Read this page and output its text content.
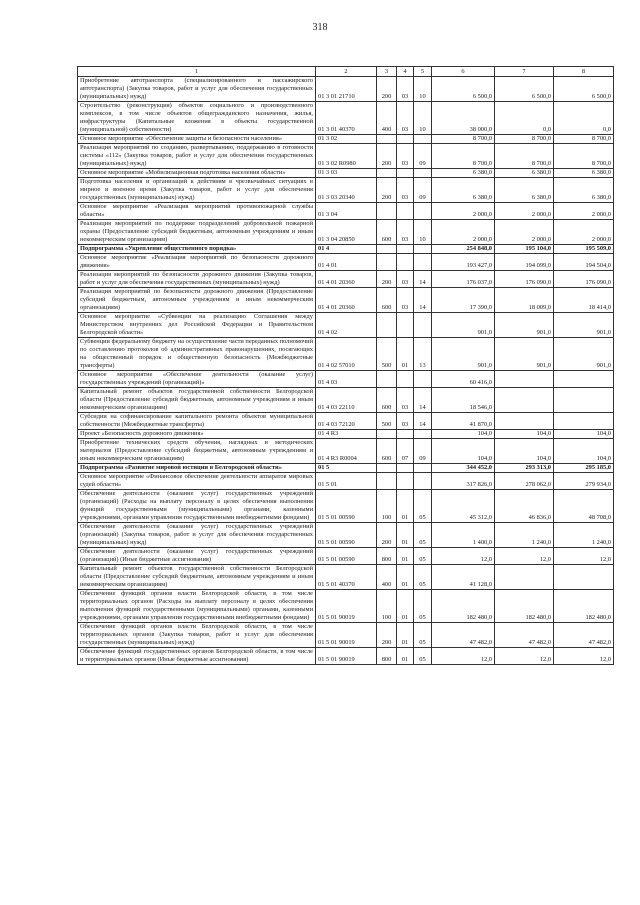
318
1	2	3	4	5	6	7	8
Приобретение автотранспорта (специализированного и пассажирского автотранспорта) (Закупка товаров, работ и услуг для обеспечения государственных (муниципальных) нужд)	01 3 01 21710	200	03	10	6 500,0	6 500,0	6 500,0
Строительство (реконструкция) объектов социального и производственного комплексов, в том числе объектов общегражданского назначения, жилья, инфраструктуры (Капитальные вложения в объекты государственной (муниципальной) собственности)	01 3 01 40370	400	03	10	38 000,0	0,0	0,0
Основное мероприятие «Обеспечение защиты и безопасности населения»	01 3 02				8 700,0	8 700,0	8 700,0
Реализация мероприятий по созданию, развертыванию, поддержанию в готовности системы «112» (Закупка товаров, работ и услуг для обеспечения государственных (муниципальных) нужд)	01 3 02 R0980	200	03	09	8 700,0	8 700,0	8 700,0
Основное мероприятие «Мобилизационная подготовка населения области»	01 3 03				6 380,0	6 380,0	6 380,0
Подготовка населения и организаций к действиям в чрезвычайных ситуациях в мирное и военное время (Закупка товаров, работ и услуг для обеспечения государственных (муниципальных) нужд)	01 3 03 20340	200	03	09	6 380,0	6 380,0	6 380,0
Основное мероприятие «Реализация мероприятий противопожарной службы области»	01 3 04				2 000,0	2 000,0	2 000,0
Реализация мероприятий по поддержке подразделений добровольной пожарной охраны (Предоставление субсидий бюджетным, автономным учреждениям и иным некоммерческим организациям)	01 3 04 20850	600	03	10	2 000,0	2 000,0	2 000,0
Подпрограмма «Укрепление общественного порядка»	01 4				254 848,0	195 104,0	195 509,0
Основное мероприятие «Реализация мероприятий по безопасности дорожного движения»	01 4 01				193 427,0	194 099,0	194 504,0
Реализация мероприятий по безопасности дорожного движения (Закупка товаров, работ и услуг для обеспечения государственных (муниципальных) нужд)	01 4 01 20360	200	03	14	176 037,0	176 090,0	176 090,0
Реализация мероприятий по безопасности дорожного движения (Предоставление субсидий бюджетным, автономным учреждениям и иным некоммерческим организациям)	01 4 01 20360	600	03	14	17 390,0	18 009,0	18 414,0
Основное мероприятие «Субвенции на реализацию Соглашения между Министерством внутренних дел Российской Федерации и Правительством Белгородской области»	01 4 02				901,0	901,0	901,0
Субвенции федеральному бюджету на осуществление части переданных полномочий по составлению протоколов об административных правонарушениях, посягающих на общественный порядок и общественную безопасность (Межбюджетные трансферты)	01 4 02 57010	500	01	13	901,0	901,0	901,0
Основное мероприятие «Обеспечение деятельности (оказание услуг) государственных учреждений (организаций)»	01 4 03				60 416,0		
Капитальный ремонт объектов государственной собственности Белгородской области (Предоставление субсидий бюджетным, автономным учреждениям и иным некоммерческим организациям)	01 4 03 22110	600	03	14	18 546,0		
Субсидии на софинансирование капитального ремонта объектов муниципальной собственности (Межбюджетные трансферты)	01 4 03 72120	500	03	14	41 870,0		
Проект «Безопасность дорожного движения»	01 4 R3				104,0	104,0	104,0
Приобретение технических средств обучения, наглядных и методических материалов (Предоставление субсидий бюджетным, автономным учреждениям и иным некоммерческим организациям)	01 4 R3 R0004	600	07	09	104,0	104,0	104,0
Подпрограмма «Развитие мировой юстиции в Белгородской области»	01 5				344 452,0	293 313,0	295 185,0
Основное мероприятие «Финансовое обеспечение деятельности аппаратов мировых судей области»	01 5 01				317 826,0	278 062,0	279 934,0
Обеспечение деятельности (оказание услуг) государственных учреждений (организаций) (Расходы на выплату персоналу в целях обеспечения выполнения функций государственными (муниципальными) органами, казенными учреждениями, органами управления государственными внебюджетными фондами)	01 5 01 00590	100	01	05	45 312,0	46 836,0	48 708,0
Обеспечение деятельности (оказание услуг) государственных учреждений (организаций) (Закупка товаров, работ и услуг для обеспечения государственных (муниципальных) нужд)	01 5 01 00590	200	01	05	1 400,0	1 240,0	1 240,0
Обеспечение деятельности (оказание услуг) государственных учреждений (организаций) (Иные бюджетные ассигнования)	01 5 01 00590	800	01	05	12,0	12,0	12,0
Капитальный ремонт объектов государственной собственности Белгородской области (Предоставление субсидий бюджетным, автономным учреждениям и иным некоммерческим организациям)	01 5 01 40370	400	01	05	41 128,0		
Обеспечение функций органов власти Белгородской области, в том числе территориальных органов (Расходы на выплату персоналу в целях обеспечения выполнения функций государственными (муниципальными) органами, казенными учреждениями, органами управления государственными внебюджетными фондами)	01 5 01 90019	100	01	05	182 480,0	182 480,0	182 480,0
Обеспечение функций органов власти Белгородской области, в том числе территориальных органов (Закупка товаров, работ и услуг для обеспечения государственных (муниципальных) нужд)	01 5 01 90019	200	01	05	47 482,0	47 482,0	47 482,0
Обеспечение функций государственных органов Белгородской области, в том числе и территориальных органов (Иные бюджетные ассигнования)	01 5 01 90019	800	01	05	12,0	12,0	12,0
